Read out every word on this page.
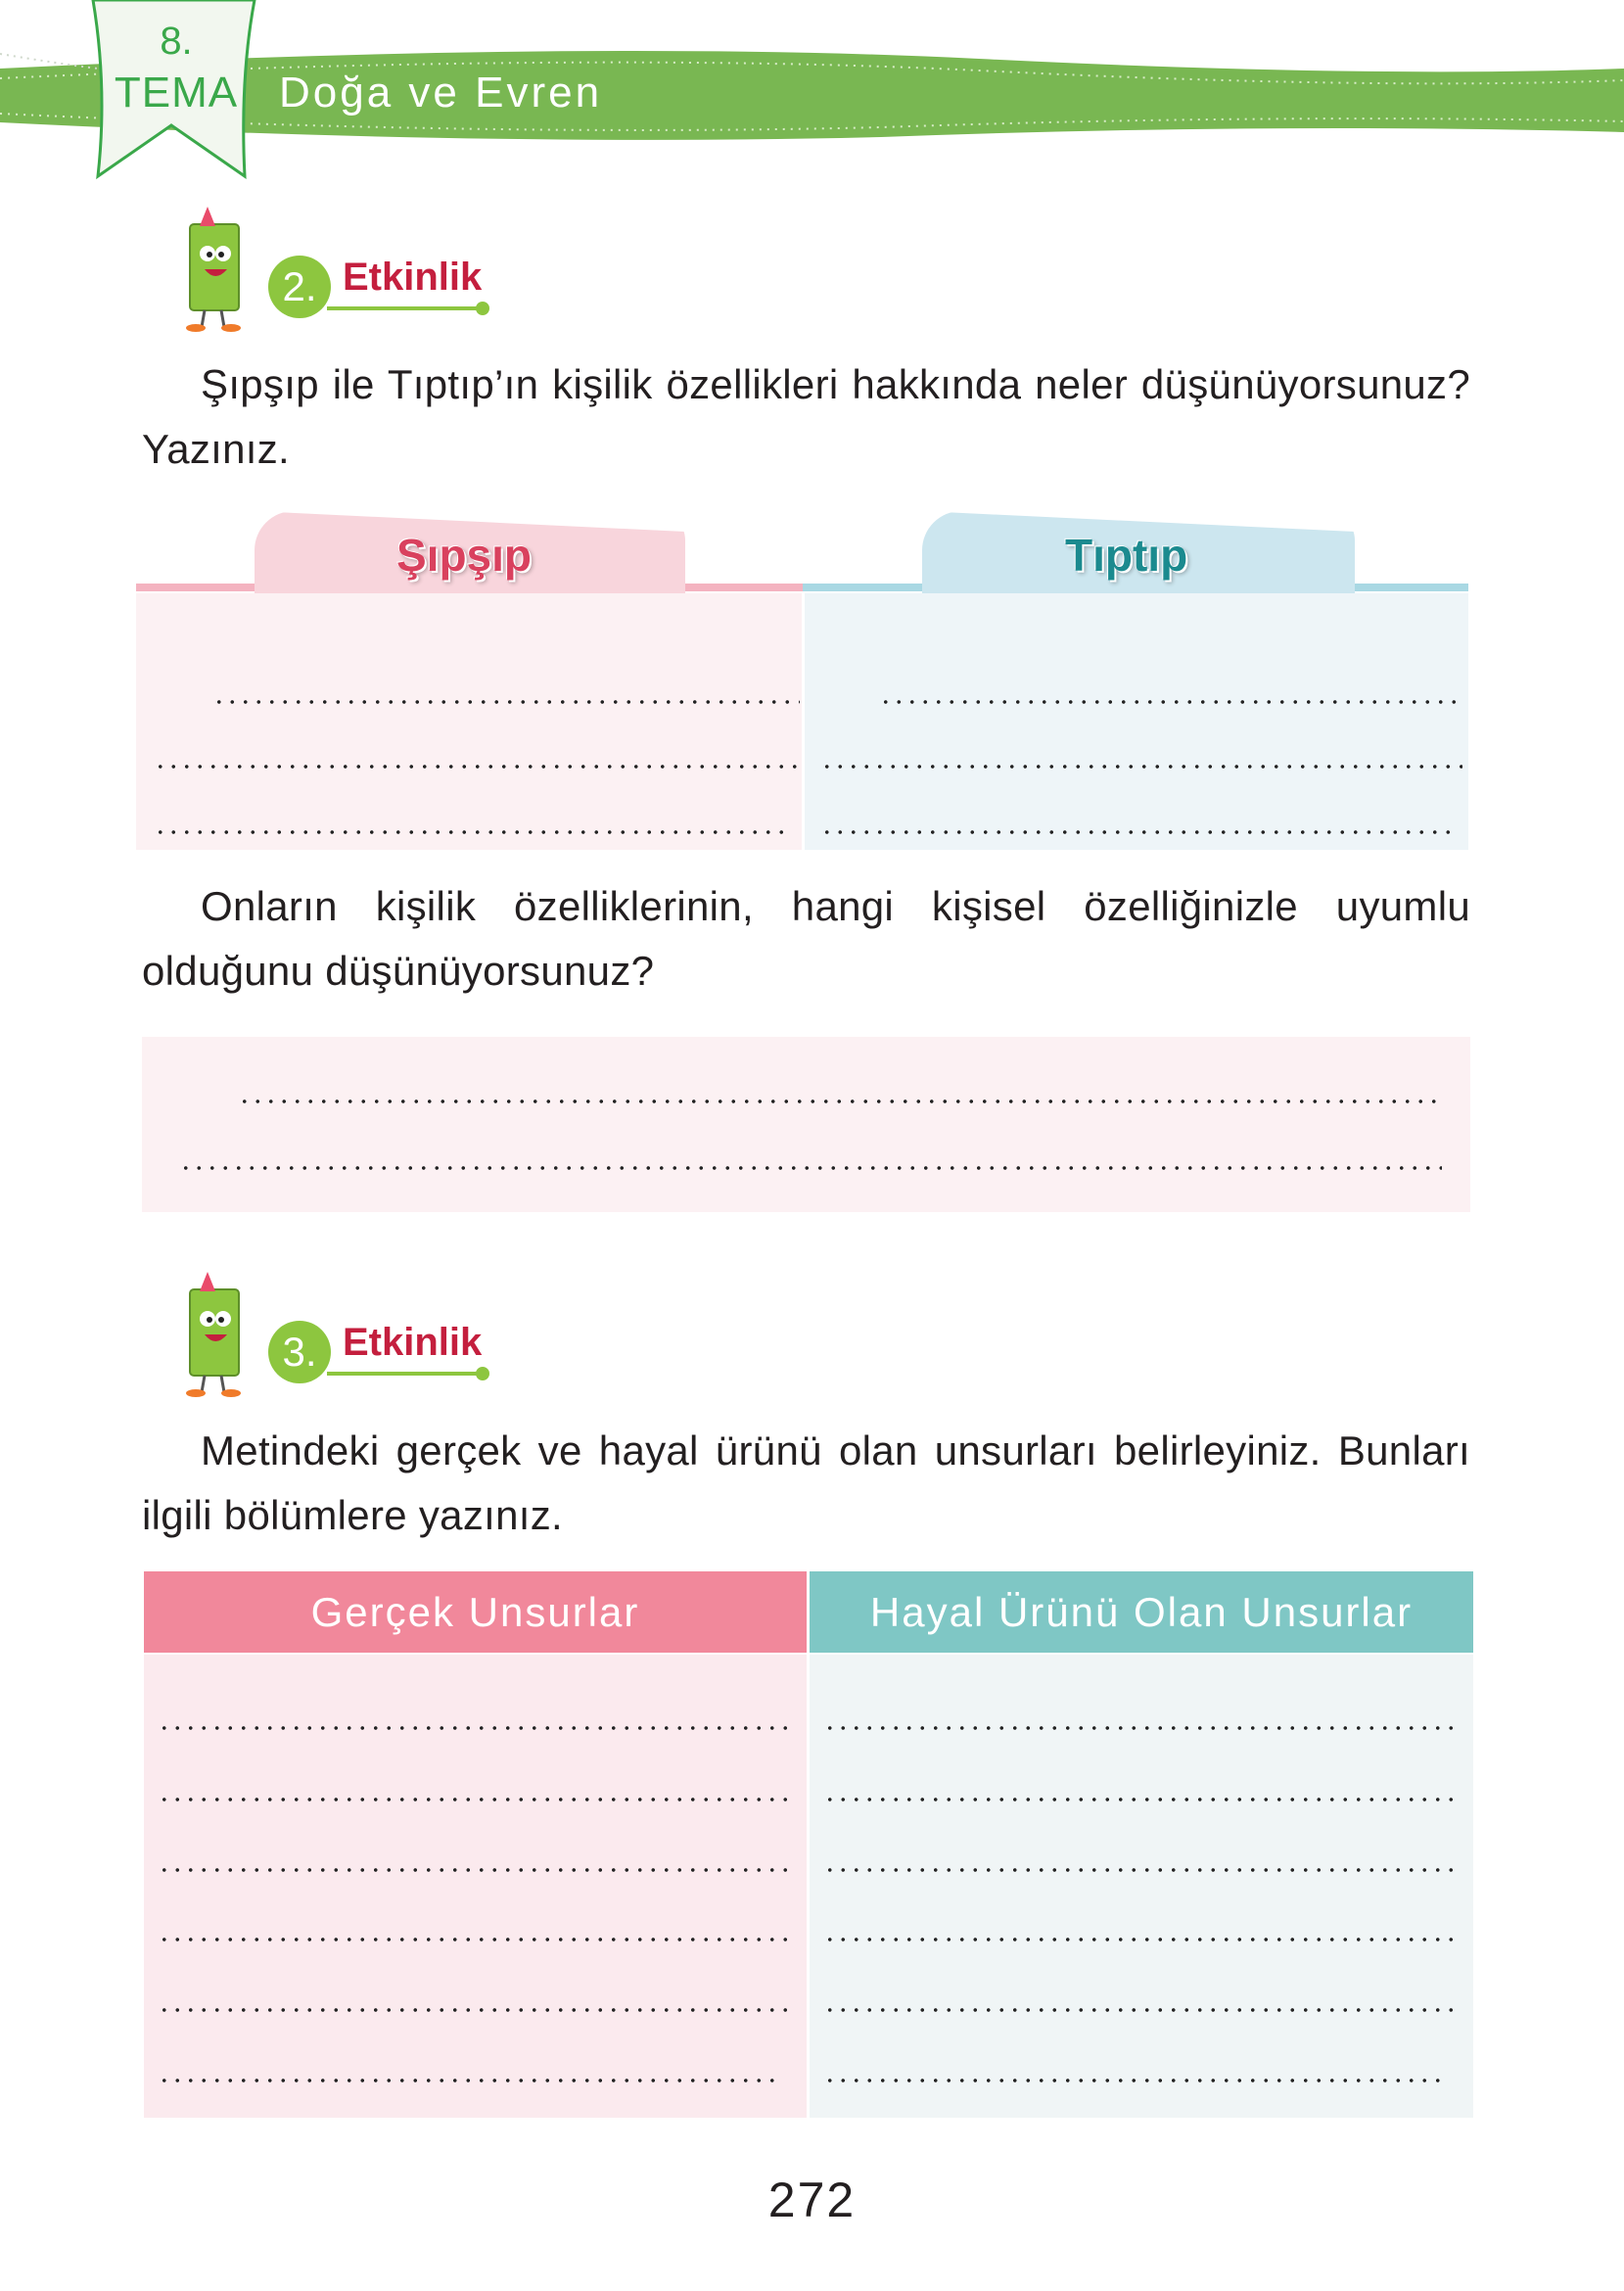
8.
TEMA Doğa ve Evren
2. Etkinlik
Şıpşıp ile Tıptıp’ın kişilik özellikleri hakkında neler düşünüyorsunuz? Yazınız.
Şıpşıp	Tıptıp
Onların kişilik özelliklerinin, hangi kişisel özelliğinizle uyumlu olduğunu düşünüyorsunuz?
3. Etkinlik
Metindeki gerçek ve hayal ürünü olan unsurları belirleyiniz. Bunları ilgili bölümlere yazınız.
Gerçek Unsurlar	Hayal Ürünü Olan Unsurlar
272
